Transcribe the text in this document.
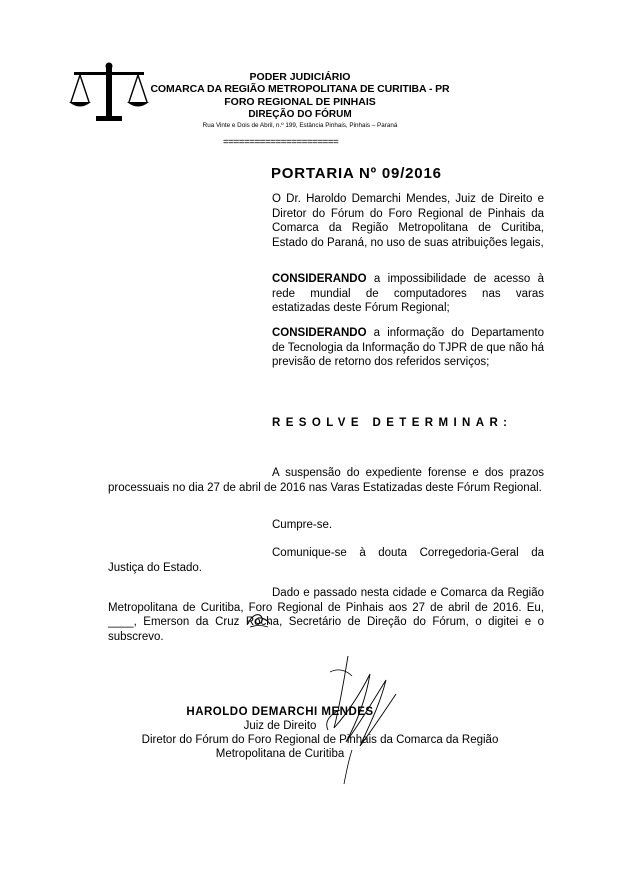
PODER JUDICIÁRIO
COMARCA DA REGIÃO METROPOLITANA DE CURITIBA - PR
FORO REGIONAL DE PINHAIS
DIREÇÃO DO FÓRUM
Rua Vinte e Dois de Abril, n.º 199, Estância Pinhais, Pinhais – Paraná
======================
PORTARIA Nº 09/2016
O Dr. Haroldo Demarchi Mendes, Juiz de Direito e Diretor do Fórum do Foro Regional de Pinhais da Comarca da Região Metropolitana de Curitiba, Estado do Paraná, no uso de suas atribuições legais,
CONSIDERANDO a impossibilidade de acesso à rede mundial de computadores nas varas estatizadas deste Fórum Regional;
CONSIDERANDO a informação do Departamento de Tecnologia da Informação do TJPR de que não há previsão de retorno dos referidos serviços;
RESOLVE DETERMINAR:
A suspensão do expediente forense e dos prazos processuais no dia 27 de abril de 2016 nas Varas Estatizadas deste Fórum Regional.
Cumpre-se.
Comunique-se à douta Corregedoria-Geral da Justiça do Estado.
Dado e passado nesta cidade e Comarca da Região Metropolitana de Curitiba, Foro Regional de Pinhais aos 27 de abril de 2016. Eu, ____, Emerson da Cruz Rocha, Secretário de Direção do Fórum, o digitei e o subscrevo.
HAROLDO DEMARCHI MENDES
Juiz de Direito
Diretor do Fórum do Foro Regional de Pinhais da Comarca da Região
Metropolitana de Curitiba
